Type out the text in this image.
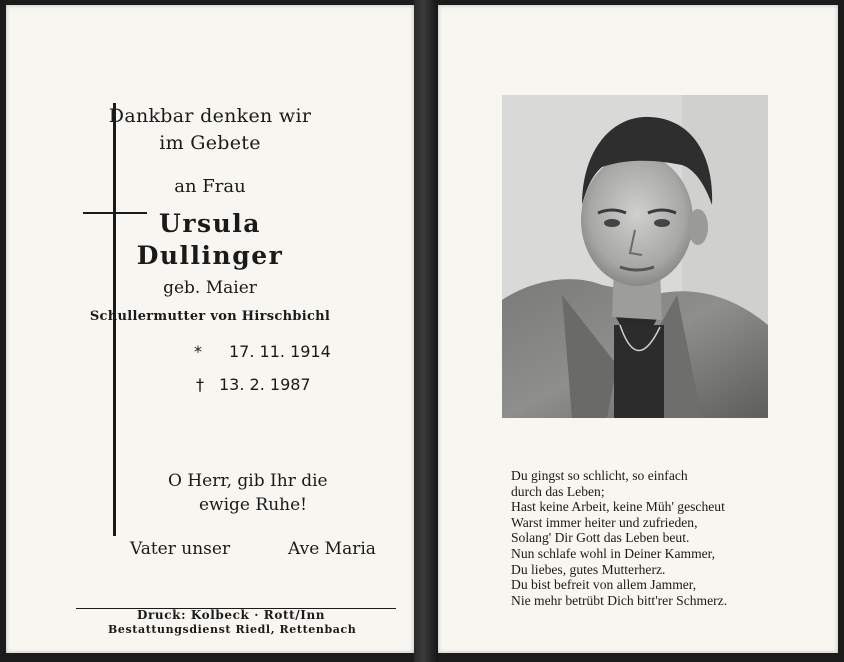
Dankbar denken wir
im Gebete
an Frau
Ursula
Dullinger
geb. Maier
Schullermutter von Hirschbichl
* 17. 11. 1914
† 13. 2. 1987
O Herr, gib Ihr die
ewige Ruhe!
Vater unser	Ave Maria
Druck: Kolbeck · Rott/Inn
Bestattungsdienst Riedl, Rettenbach
Du gingst so schlicht, so einfach
durch das Leben;
Hast keine Arbeit, keine Müh' gescheut
Warst immer heiter und zufrieden,
Solang' Dir Gott das Leben beut.
Nun schlafe wohl in Deiner Kammer,
Du liebes, gutes Mutterherz.
Du bist befreit von allem Jammer,
Nie mehr betrübt Dich bitt'rer Schmerz.
